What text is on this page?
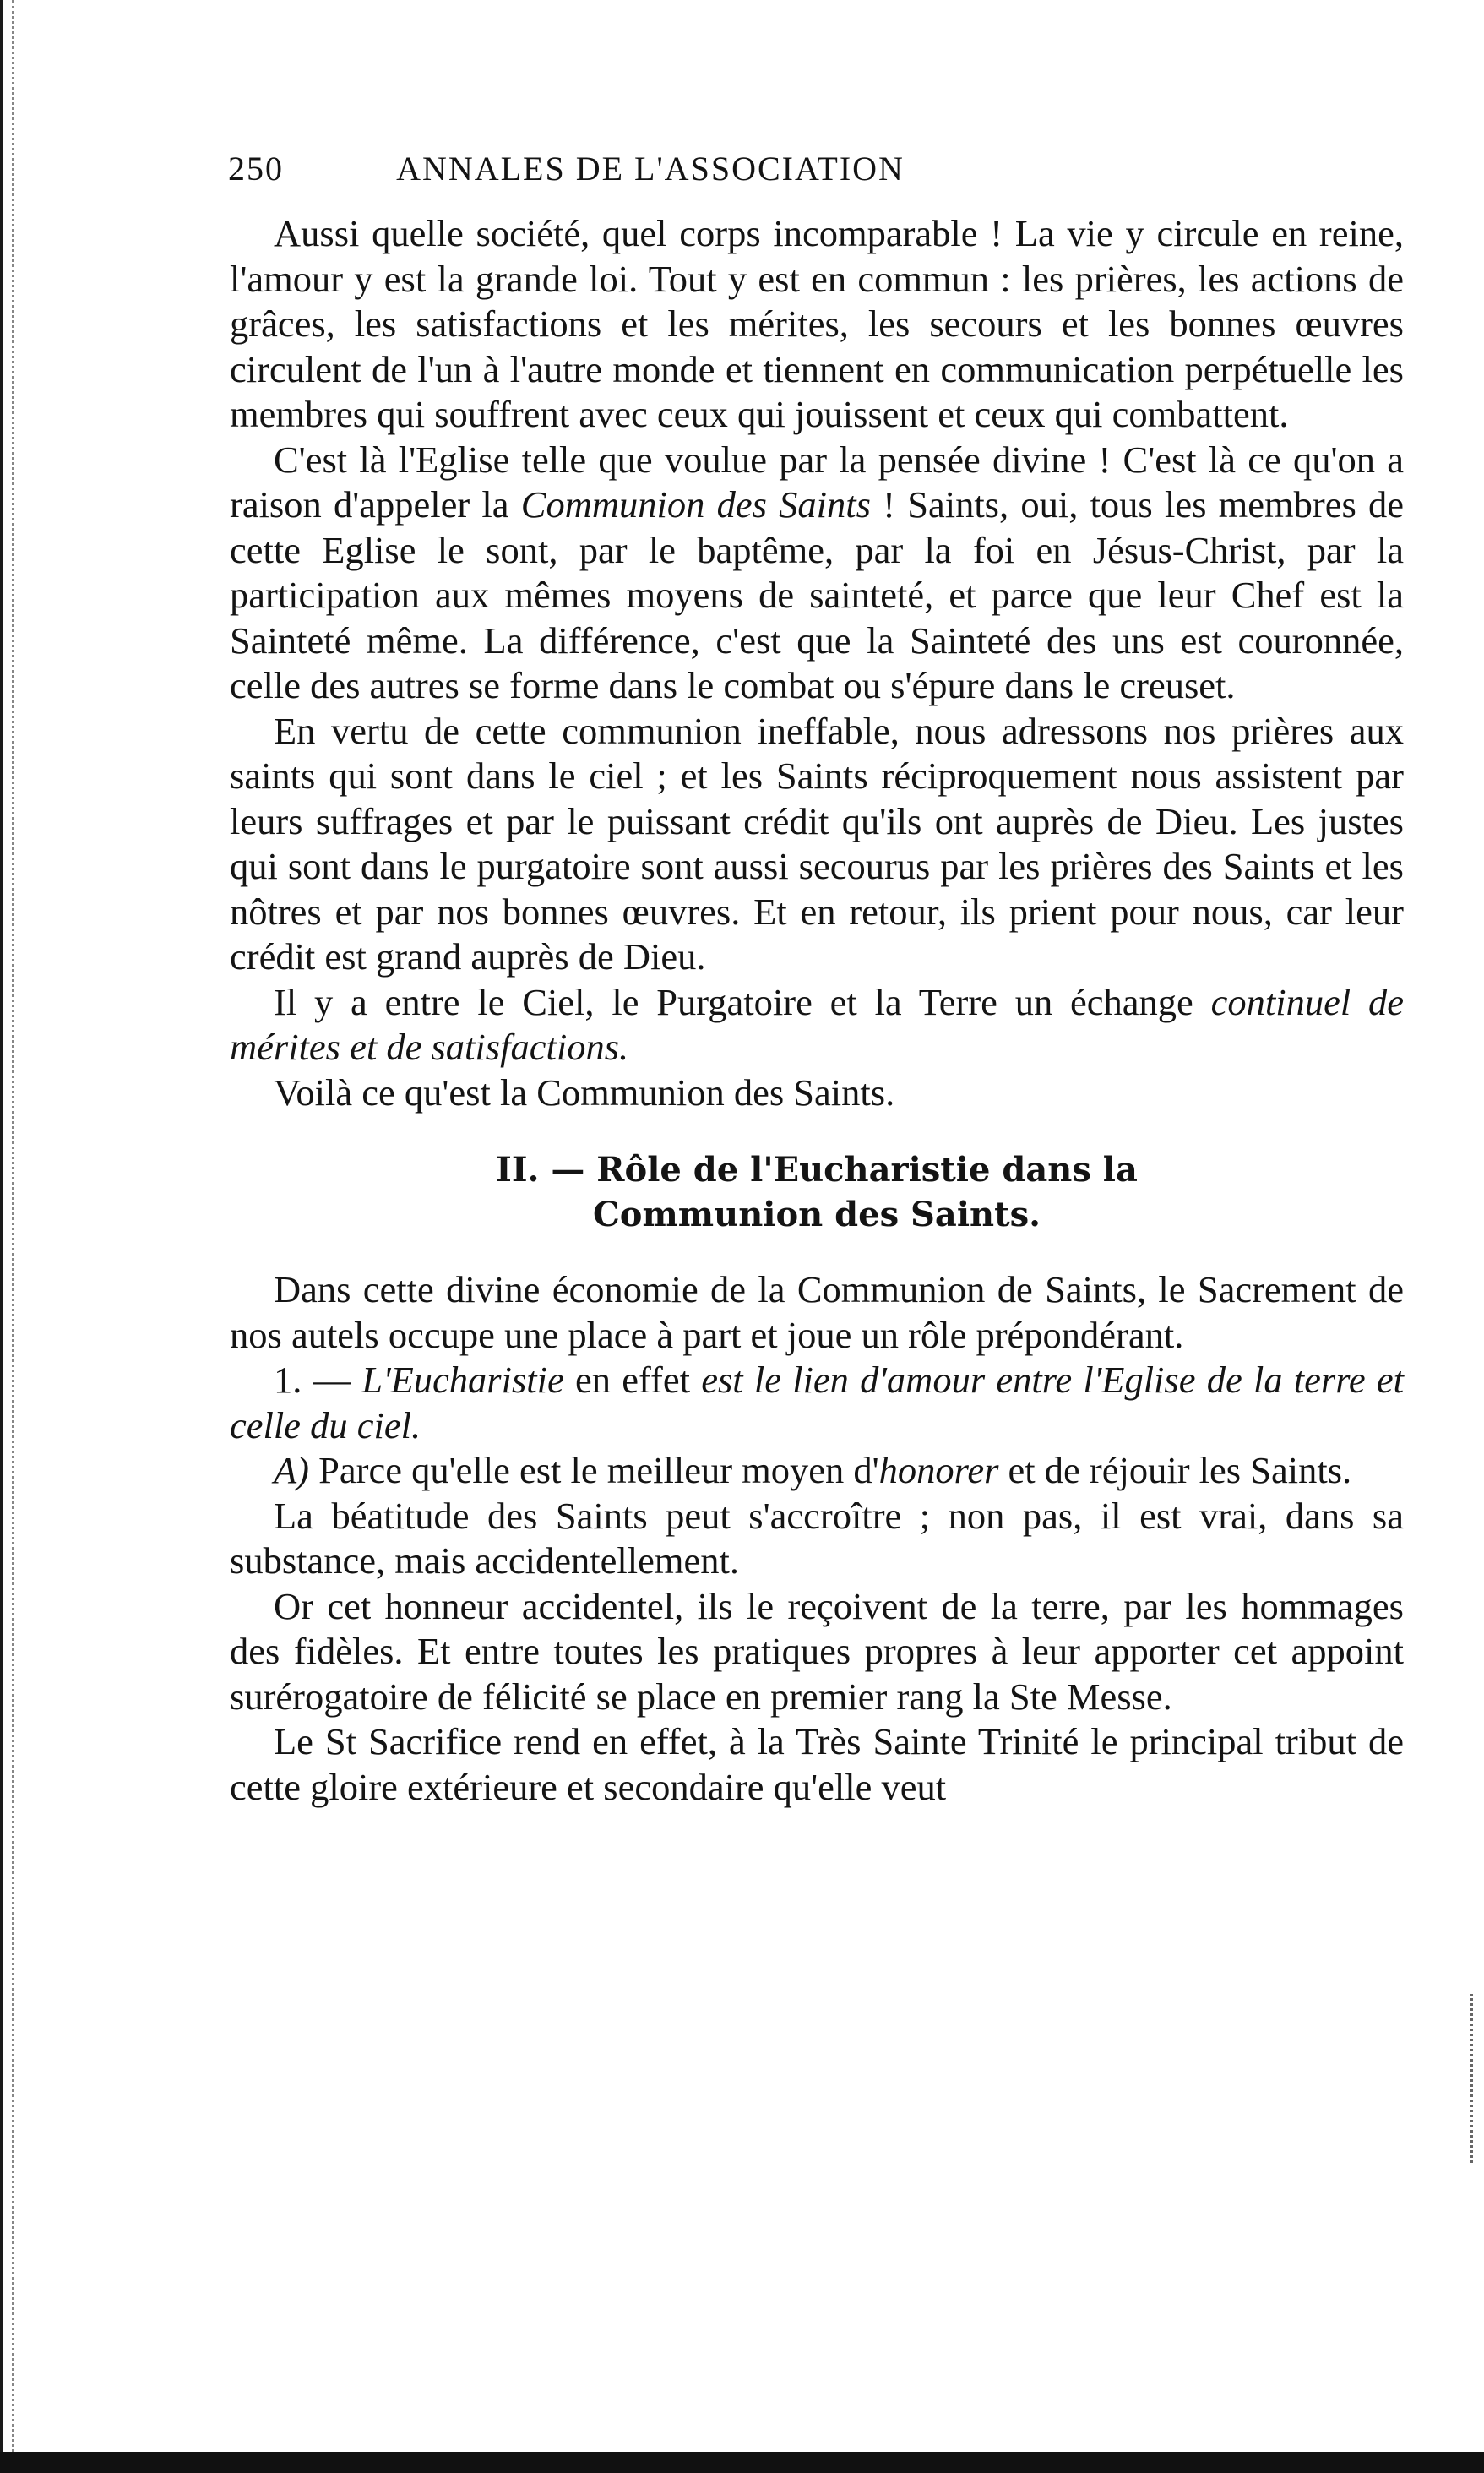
250	ANNALES DE L'ASSOCIATION

Aussi quelle société, quel corps incomparable ! La vie y circule en reine, l'amour y est la grande loi. Tout y est en commun : les prières, les actions de grâces, les satisfactions et les mérites, les secours et les bonnes œuvres circulent de l'un à l'autre monde et tiennent en communication perpétuelle les membres qui souffrent avec ceux qui jouissent et ceux qui combattent.

C'est là l'Eglise telle que voulue par la pensée divine ! C'est là ce qu'on a raison d'appeler la Communion des Saints ! Saints, oui, tous les membres de cette Eglise le sont, par le baptême, par la foi en Jésus-Christ, par la participation aux mêmes moyens de sainteté, et parce que leur Chef est la Sainteté même. La différence, c'est que la Sainteté des uns est couronnée, celle des autres se forme dans le combat ou s'épure dans le creuset.

En vertu de cette communion ineffable, nous adressons nos prières aux saints qui sont dans le ciel ; et les Saints réciproquement nous assistent par leurs suffrages et par le puissant crédit qu'ils ont auprès de Dieu. Les justes qui sont dans le purgatoire sont aussi secourus par les prières des Saints et les nôtres et par nos bonnes œuvres. Et en retour, ils prient pour nous, car leur crédit est grand auprès de Dieu.

Il y a entre le Ciel, le Purgatoire et la Terre un échange continuel de mérites et de satisfactions.

Voilà ce qu'est la Communion des Saints.

II. — Rôle de l'Eucharistie dans la
Communion des Saints.

Dans cette divine économie de la Communion de Saints, le Sacrement de nos autels occupe une place à part et joue un rôle prépondérant.

1. — L'Eucharistie en effet est le lien d'amour entre l'Eglise de la terre et celle du ciel.

A) Parce qu'elle est le meilleur moyen d'honorer et de réjouir les Saints.

La béatitude des Saints peut s'accroître ; non pas, il est vrai, dans sa substance, mais accidentellement.

Or cet honneur accidentel, ils le reçoivent de la terre, par les hommages des fidèles. Et entre toutes les pratiques propres à leur apporter cet appoint surérogatoire de félicité se place en premier rang la Ste Messe.

Le St Sacrifice rend en effet, à la Très Sainte Trinité le principal tribut de cette gloire extérieure et secondaire qu'elle veut
